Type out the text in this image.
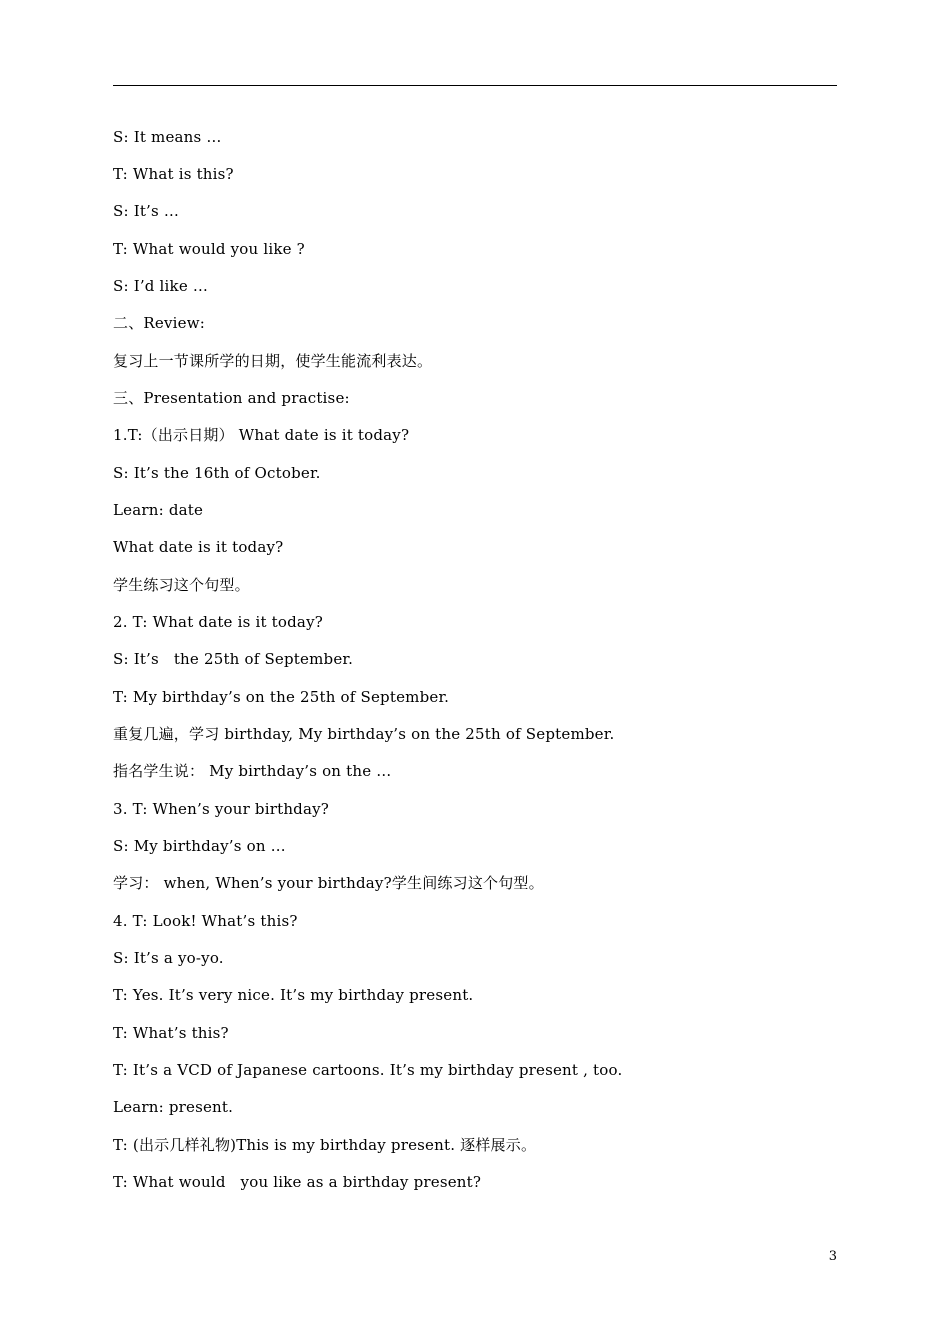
S: It means …
T: What is this?
S: It’s …
T: What would you like ?
S: I’d like …
二、Review:
复习上一节课所学的日期，使学生能流利表达。
三、Presentation and practise:
1.T:（出示日期） What date is it today?
S: It’s the 16th of October.
Learn: date
What date is it today?
学生练习这个句型。
2. T: What date is it today?
S: It’s   the 25th of September.
T: My birthday’s on the 25th of September.
重复几遍，学习 birthday, My birthday’s on the 25th of September.
指名学生说： My birthday’s on the …
3. T: When’s your birthday?
S: My birthday’s on …
学习： when, When’s your birthday?学生间练习这个句型。
4. T: Look! What’s this?
S: It’s a yo-yo.
T: Yes. It’s very nice. It’s my birthday present.
T: What’s this?
T: It’s a VCD of Japanese cartoons. It’s my birthday present , too.
Learn: present.
T: (出示几样礼物)This is my birthday present. 逐样展示。
T: What would   you like as a birthday present?
3
